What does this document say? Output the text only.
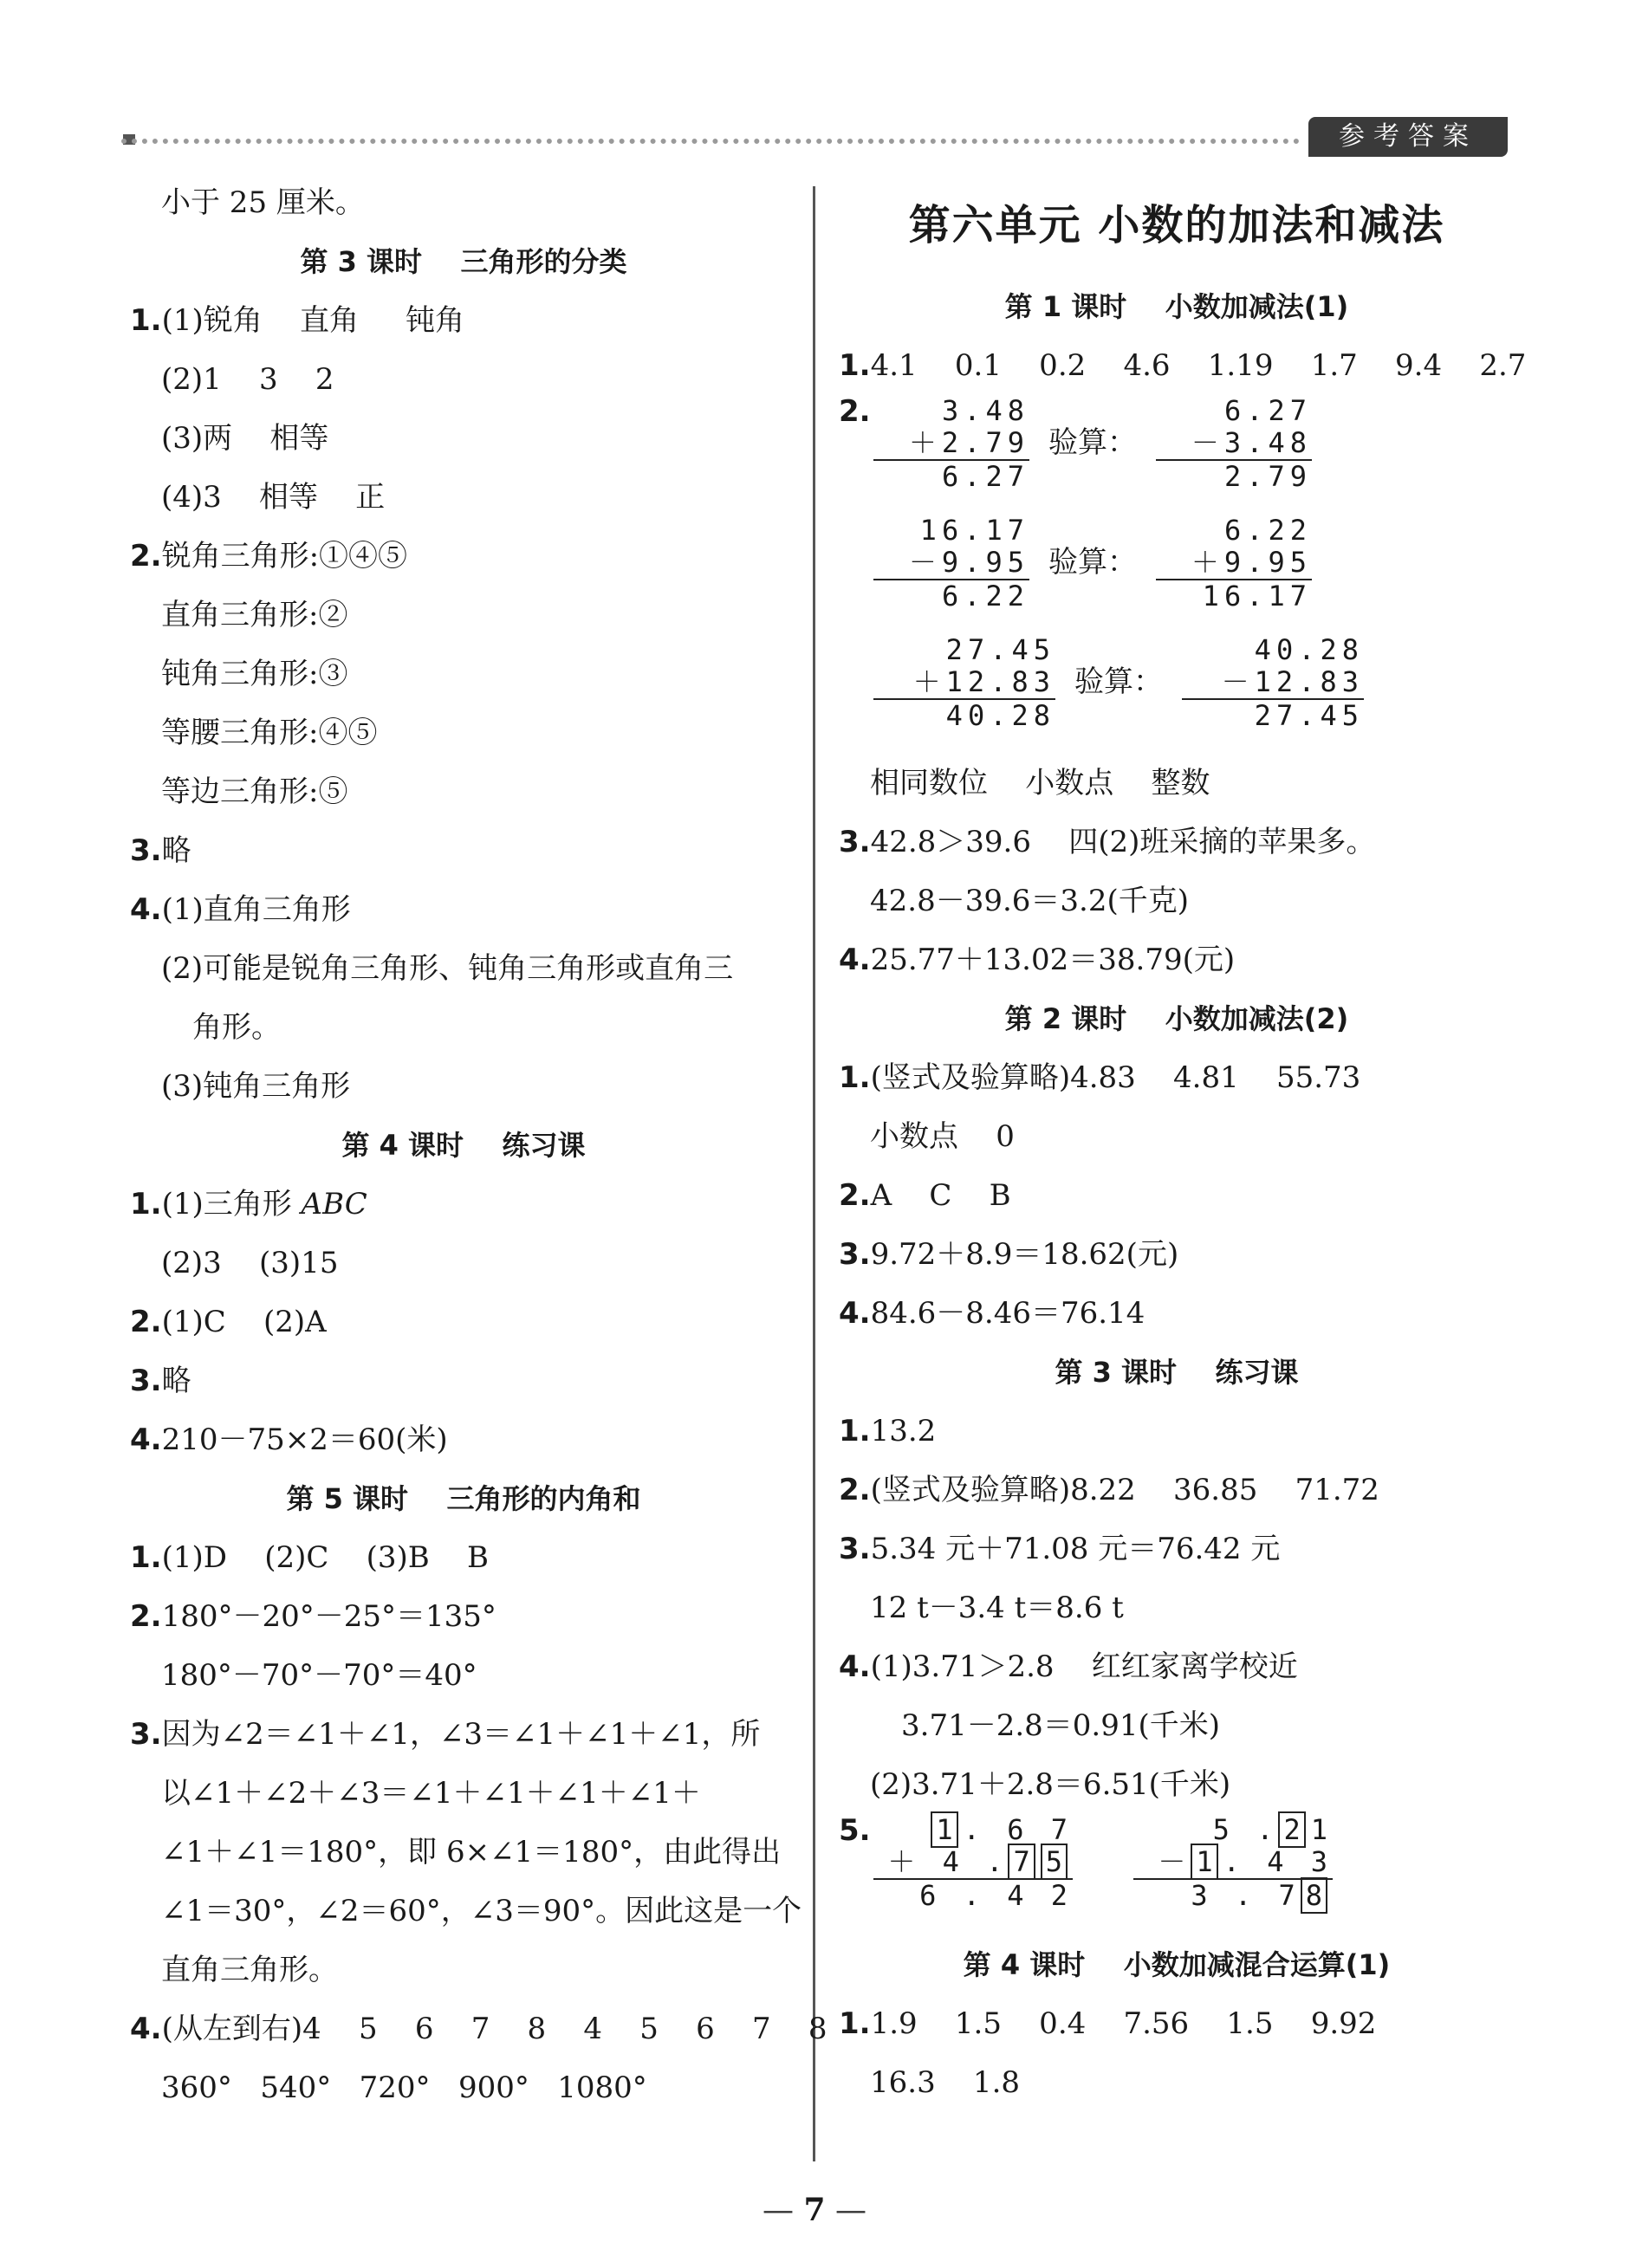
参考答案
小于 25 厘米。
第 3 课时    三角形的分类
1. (1)锐角    直角     钝角
(2)1    3    2
(3)两    相等
(4)3    相等    正
2. 锐角三角形:①④⑤
直角三角形:②
钝角三角形:③
等腰三角形:④⑤
等边三角形:⑤
3. 略
4. (1)直角三角形
(2)可能是锐角三角形、钝角三角形或直角三
角形。
(3)钝角三角形
第 4 课时    练习课
1. (1)三角形 ABC
(2)3    (3)15
2. (1)C    (2)A
3. 略
4. 210－75×2＝60(米)
第 5 课时    三角形的内角和
1. (1)D    (2)C    (3)B    B
2. 180°－20°－25°＝135°
180°－70°－70°＝40°
3. 因为∠2＝∠1＋∠1，∠3＝∠1＋∠1＋∠1，所
以∠1＋∠2＋∠3＝∠1＋∠1＋∠1＋∠1＋
∠1＋∠1＝180°，即 6×∠1＝180°，由此得出
∠1＝30°，∠2＝60°，∠3＝90°。因此这是一个
直角三角形。
4. (从左到右)4    5    6    7    8    4    5    6    7    8
360°   540°   720°   900°   1080°
第六单元 小数的加法和减法
第 1 课时    小数加减法(1)
1. 4.1    0.1    0.2    4.6    1.19    1.7    9.4    2.7
2.	3.48
＋2.79
6.27
验算：
6.27
－3.48
2.79
16.17
－9.95
6.22
验算：
6.22
＋9.95
16.17
27.45
＋12.83
40.28
验算：
40.28
－12.83
27.45
相同数位    小数点    整数
3. 42.8＞39.6    四(2)班采摘的苹果多。
42.8－39.6＝3.2(千克)
4. 25.77＋13.02＝38.79(元)
第 2 课时    小数加减法(2)
1. (竖式及验算略)4.83    4.81    55.73
小数点    0
2. A    C    B
3. 9.72＋8.9＝18.62(元)
4. 84.6－8.46＝76.14
第 3 课时    练习课
1. 13.2
2. (竖式及验算略)8.22    36.85    71.72
3. 5.34 元＋71.08 元＝76.42 元
12 t－3.4 t＝8.6 t
4. (1)3.71＞2.8    红红家离学校近
3.71－2.8＝0.91(千米)
(2)3.71＋2.8＝6.51(千米)
5.	1 . 6 7
＋ 4 . 7 5
6 . 4 2
5 . 2 1
－ 1 . 4 3
3 . 7 8
第 4 课时    小数加减混合运算(1)
1. 1.9    1.5    0.4    7.56    1.5    9.92
16.3    1.8
— 7 —
